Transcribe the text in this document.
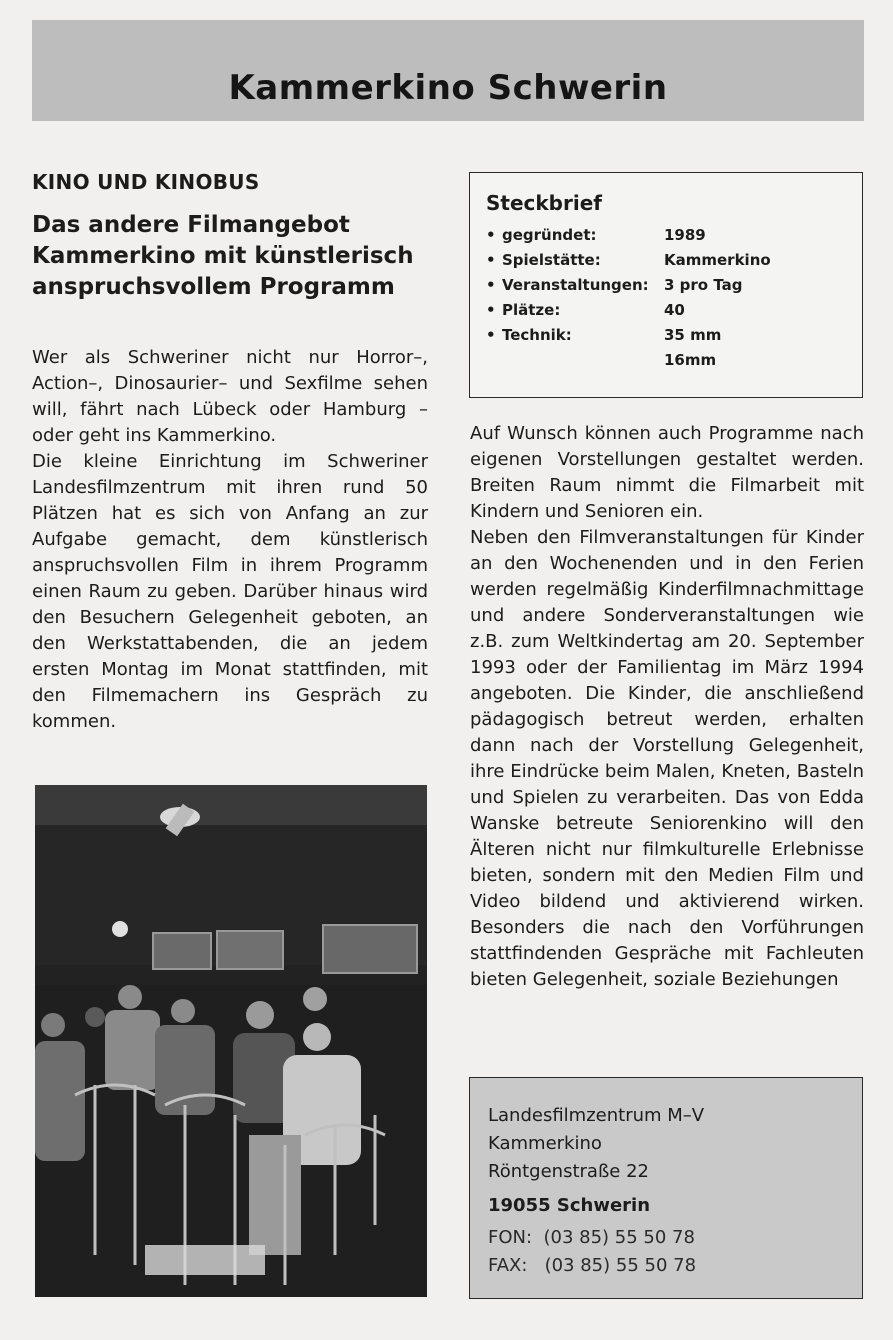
Kammerkino Schwerin
KINO UND KINOBUS
Das andere Filmangebot
Kammerkino mit künstlerisch
anspruchsvollem Programm

Wer als Schweriner nicht nur Horror–, Action–, Dinosaurier– und Sexfilme sehen will, fährt nach Lübeck oder Hamburg – oder geht ins Kammerkino.

Die kleine Einrichtung im Schweriner Landesfilmzentrum mit ihren rund 50 Plätzen hat es sich von Anfang an zur Aufgabe gemacht, dem künstlerisch anspruchsvollen Film in ihrem Programm einen Raum zu geben. Darüber hinaus wird den Besuchern Gelegenheit geboten, an den Werkstattabenden, die an jedem ersten Montag im Monat stattfinden, mit den Filmemachern ins Gespräch zu kommen.

Steckbrief
• gegründet:	1989
• Spielstätte:	Kammerkino
• Veranstaltungen:	3 pro Tag
• Plätze:	40
• Technik:	35 mm
16mm

Auf Wunsch können auch Programme nach eigenen Vorstellungen gestaltet werden. Breiten Raum nimmt die Filmarbeit mit Kindern und Senioren ein.

Neben den Filmveranstaltungen für Kinder an den Wochenenden und in den Ferien werden regelmäßig Kinderfilmnachmittage und andere Sonderveranstaltungen wie z.B. zum Weltkindertag am 20. September 1993 oder der Familientag im März 1994 angeboten. Die Kinder, die anschließend pädagogisch betreut werden, erhalten dann nach der Vorstellung Gelegenheit, ihre Eindrücke beim Malen, Kneten, Basteln und Spielen zu verarbeiten. Das von Edda Wanske betreute Seniorenkino will den Älteren nicht nur filmkulturelle Erlebnisse bieten, sondern mit den Medien Film und Video bildend und aktivierend wirken. Besonders die nach den Vorführungen stattfindenden Gespräche mit Fachleuten bieten Gelegenheit, soziale Beziehungen

Landesfilmzentrum M–V
Kammerkino
Röntgenstraße 22
19055 Schwerin
FON:  (03 85) 55 50 78
FAX:   (03 85) 55 50 78
